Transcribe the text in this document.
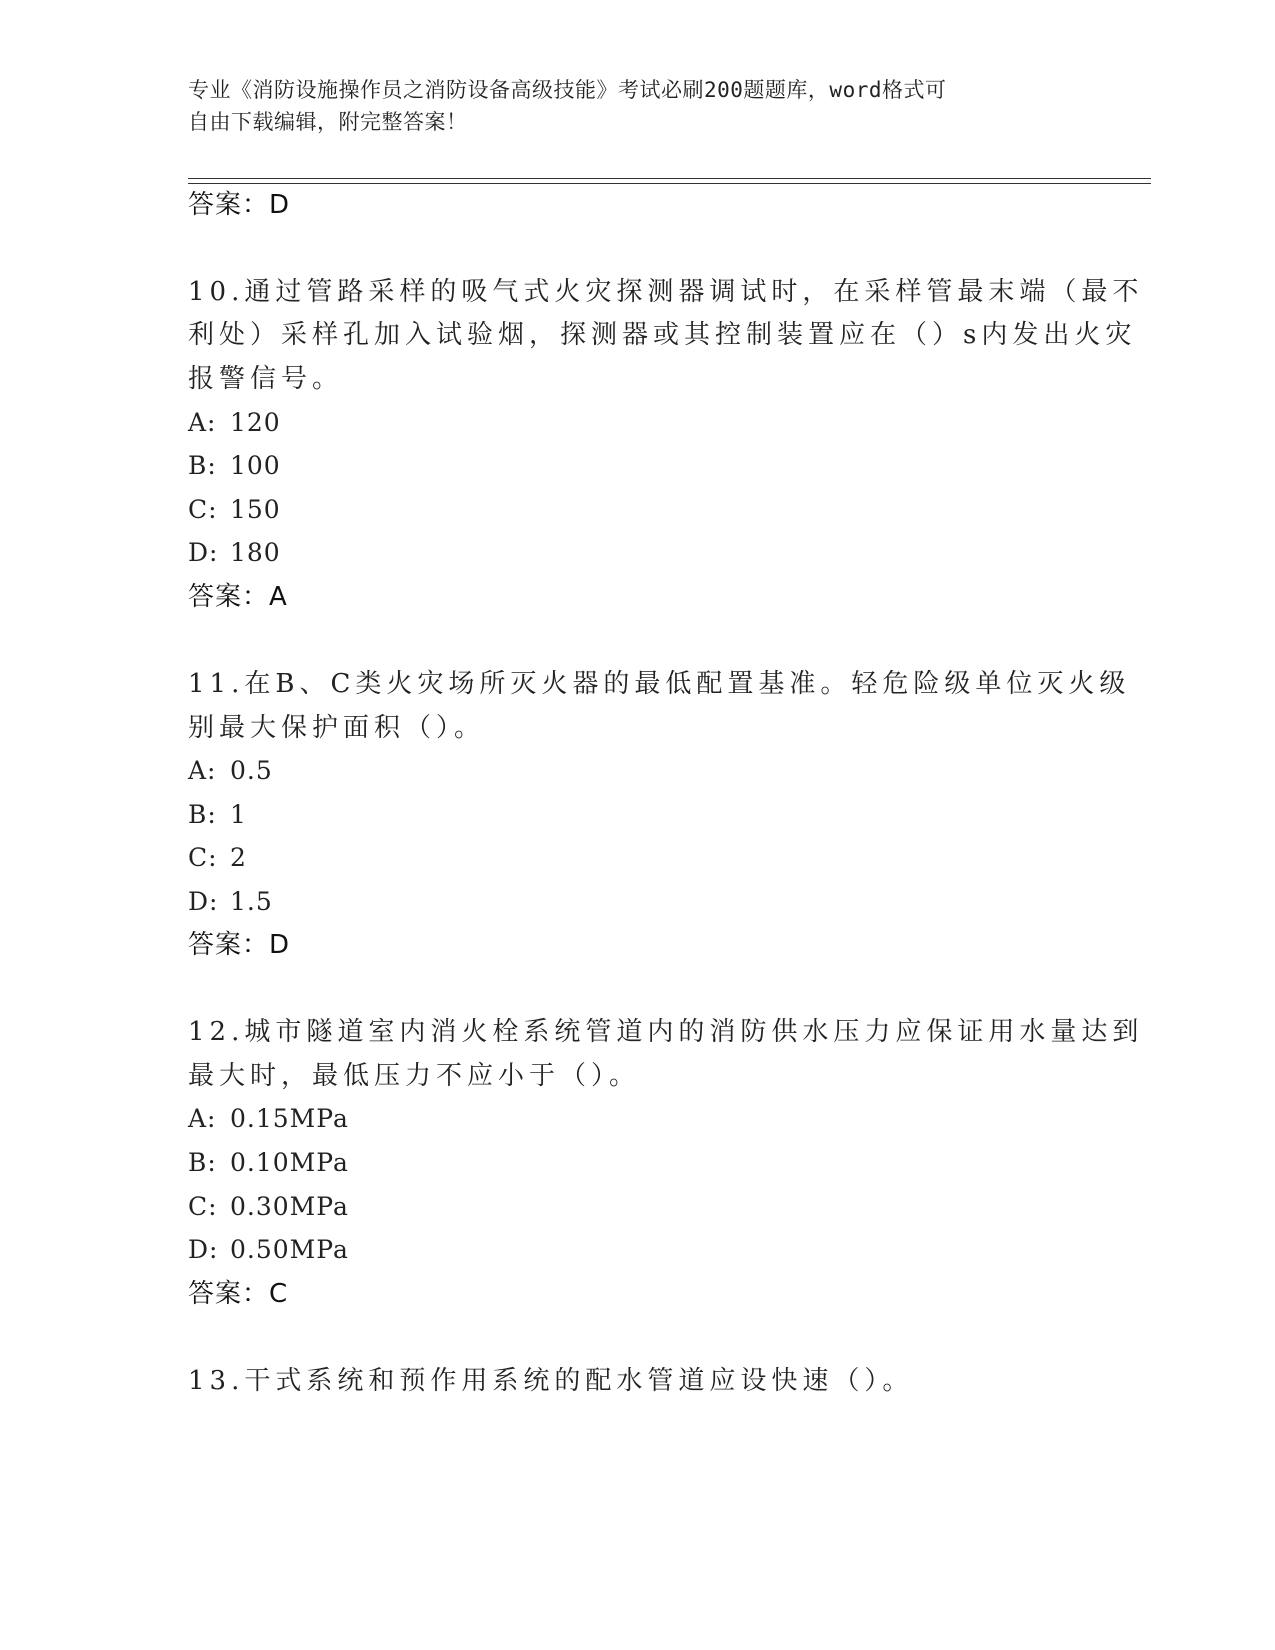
专业《消防设施操作员之消防设备高级技能》考试必刷200题题库，word格式可
自由下载编辑，附完整答案！
答案：D
10.通过管路采样的吸气式火灾探测器调试时，在采样管最末端（最不
利处）采样孔加入试验烟，探测器或其控制装置应在（）s内发出火灾
报警信号。
A: 120
B: 100
C: 150
D: 180
答案：A
11.在B、C类火灾场所灭火器的最低配置基准。轻危险级单位灭火级
别最大保护面积（）。
A: 0.5
B: 1
C: 2
D: 1.5
答案：D
12.城市隧道室内消火栓系统管道内的消防供水压力应保证用水量达到
最大时，最低压力不应小于（）。
A: 0.15MPa
B: 0.10MPa
C: 0.30MPa
D: 0.50MPa
答案：C
13.干式系统和预作用系统的配水管道应设快速（）。
